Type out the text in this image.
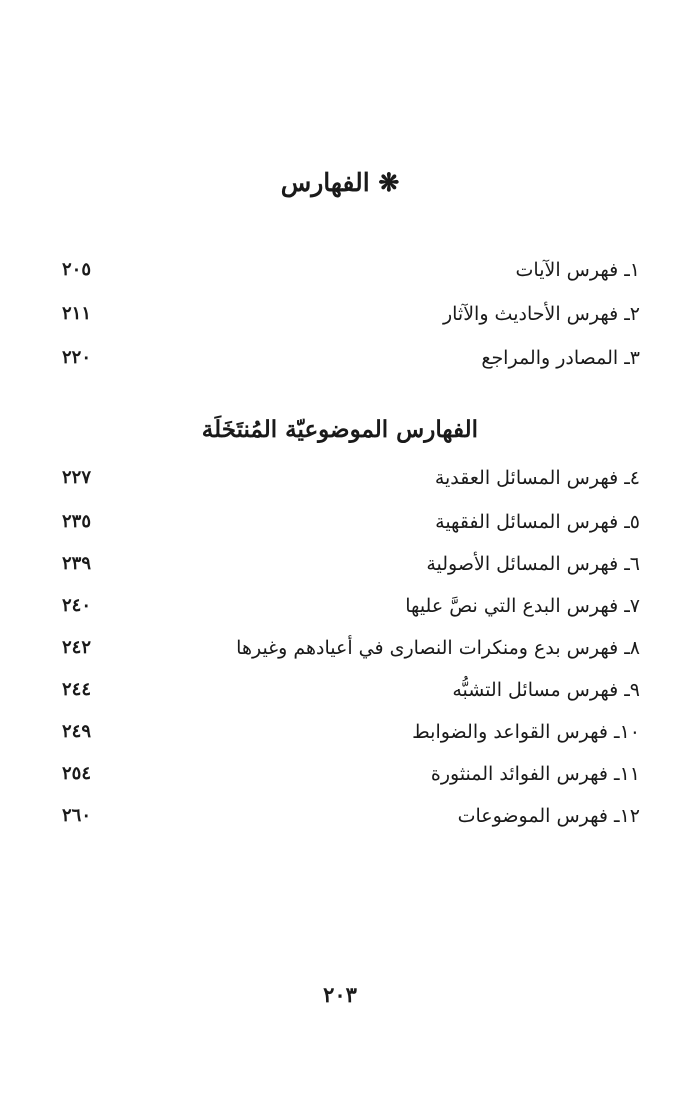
❋ الفهارس
١ـ فهرس الآيات
٢٠٥
٢ـ فهرس الأحاديث والآثار
٢١١
٣ـ المصادر والمراجع
٢٢٠
الفهارس الموضوعيّة المُنتَخَلَة
٤ـ فهرس المسائل العقدية
٢٢٧
٥ـ فهرس المسائل الفقهية
٢٣٥
٦ـ فهرس المسائل الأصولية
٢٣٩
٧ـ فهرس البدع التي نصَّ عليها
٢٤٠
٨ـ فهرس بدع ومنكرات النصارى في أعيادهم وغيرها
٢٤٢
٩ـ فهرس مسائل التشبُّه
٢٤٤
١٠ـ فهرس القواعد والضوابط
٢٤٩
١١ـ فهرس الفوائد المنثورة
٢٥٤
١٢ـ فهرس الموضوعات
٢٦٠
٢٠٣
